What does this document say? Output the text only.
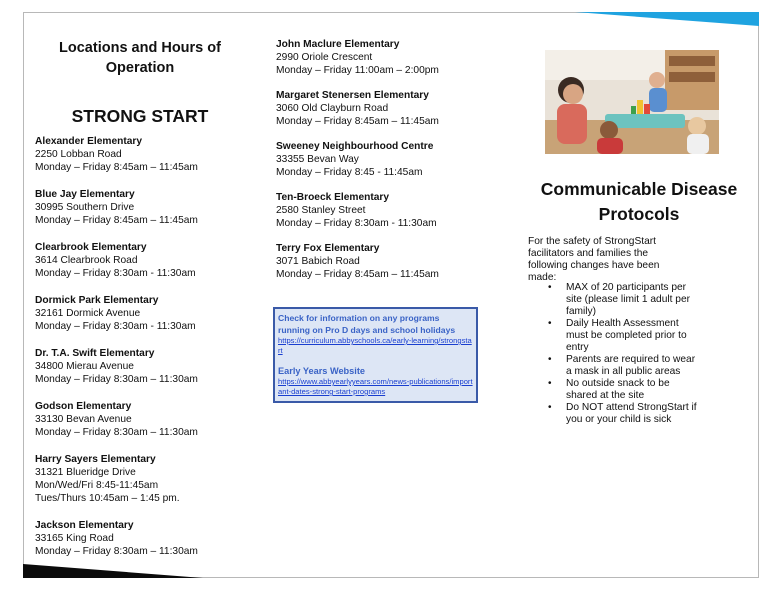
Locations and Hours of Operation
STRONG START
Alexander Elementary
2250 Lobban Road
Monday – Friday 8:45am – 11:45am
Blue Jay Elementary
30995 Southern Drive
Monday – Friday 8:45am – 11:45am
Clearbrook Elementary
3614 Clearbrook Road
Monday – Friday 8:30am - 11:30am
Dormick Park Elementary
32161 Dormick Avenue
Monday – Friday 8:30am - 11:30am
Dr. T.A. Swift Elementary
34800 Mierau Avenue
Monday – Friday 8:30am – 11:30am
Godson Elementary
33130 Bevan Avenue
Monday – Friday 8:30am – 11:30am
Harry Sayers Elementary
31321 Blueridge Drive
Mon/Wed/Fri 8:45-11:45am
Tues/Thurs 10:45am – 1:45 pm.
Jackson Elementary
33165 King Road
Monday – Friday 8:30am – 11:30am
John Maclure Elementary
2990 Oriole Crescent
Monday – Friday 11:00am – 2:00pm
Margaret Stenersen Elementary
3060 Old Clayburn Road
Monday – Friday 8:45am – 11:45am
Sweeney Neighbourhood Centre
33355 Bevan Way
Monday – Friday 8:45 - 11:45am
Ten-Broeck Elementary
2580 Stanley Street
Monday – Friday 8:30am - 11:30am
Terry Fox Elementary
3071 Babich Road
Monday – Friday 8:45am – 11:45am
Check for information on any programs running on Pro D days and school holidays
https://curriculum.abbyschools.ca/early-learning/strongstart
Early Years Website
https://www.abbyearlyyears.com/news-publications/important-dates-strong-start-programs
Communicable Disease
Protocols
For the safety of StrongStart facilitators and families the following changes have been made:
• MAX of 20 participants per site (please limit 1 adult per family)
• Daily Health Assessment must be completed prior to entry
• Parents are required to wear a mask in all public areas
• No outside snack to be shared at the site
• Do NOT attend StrongStart if you or your child is sick
